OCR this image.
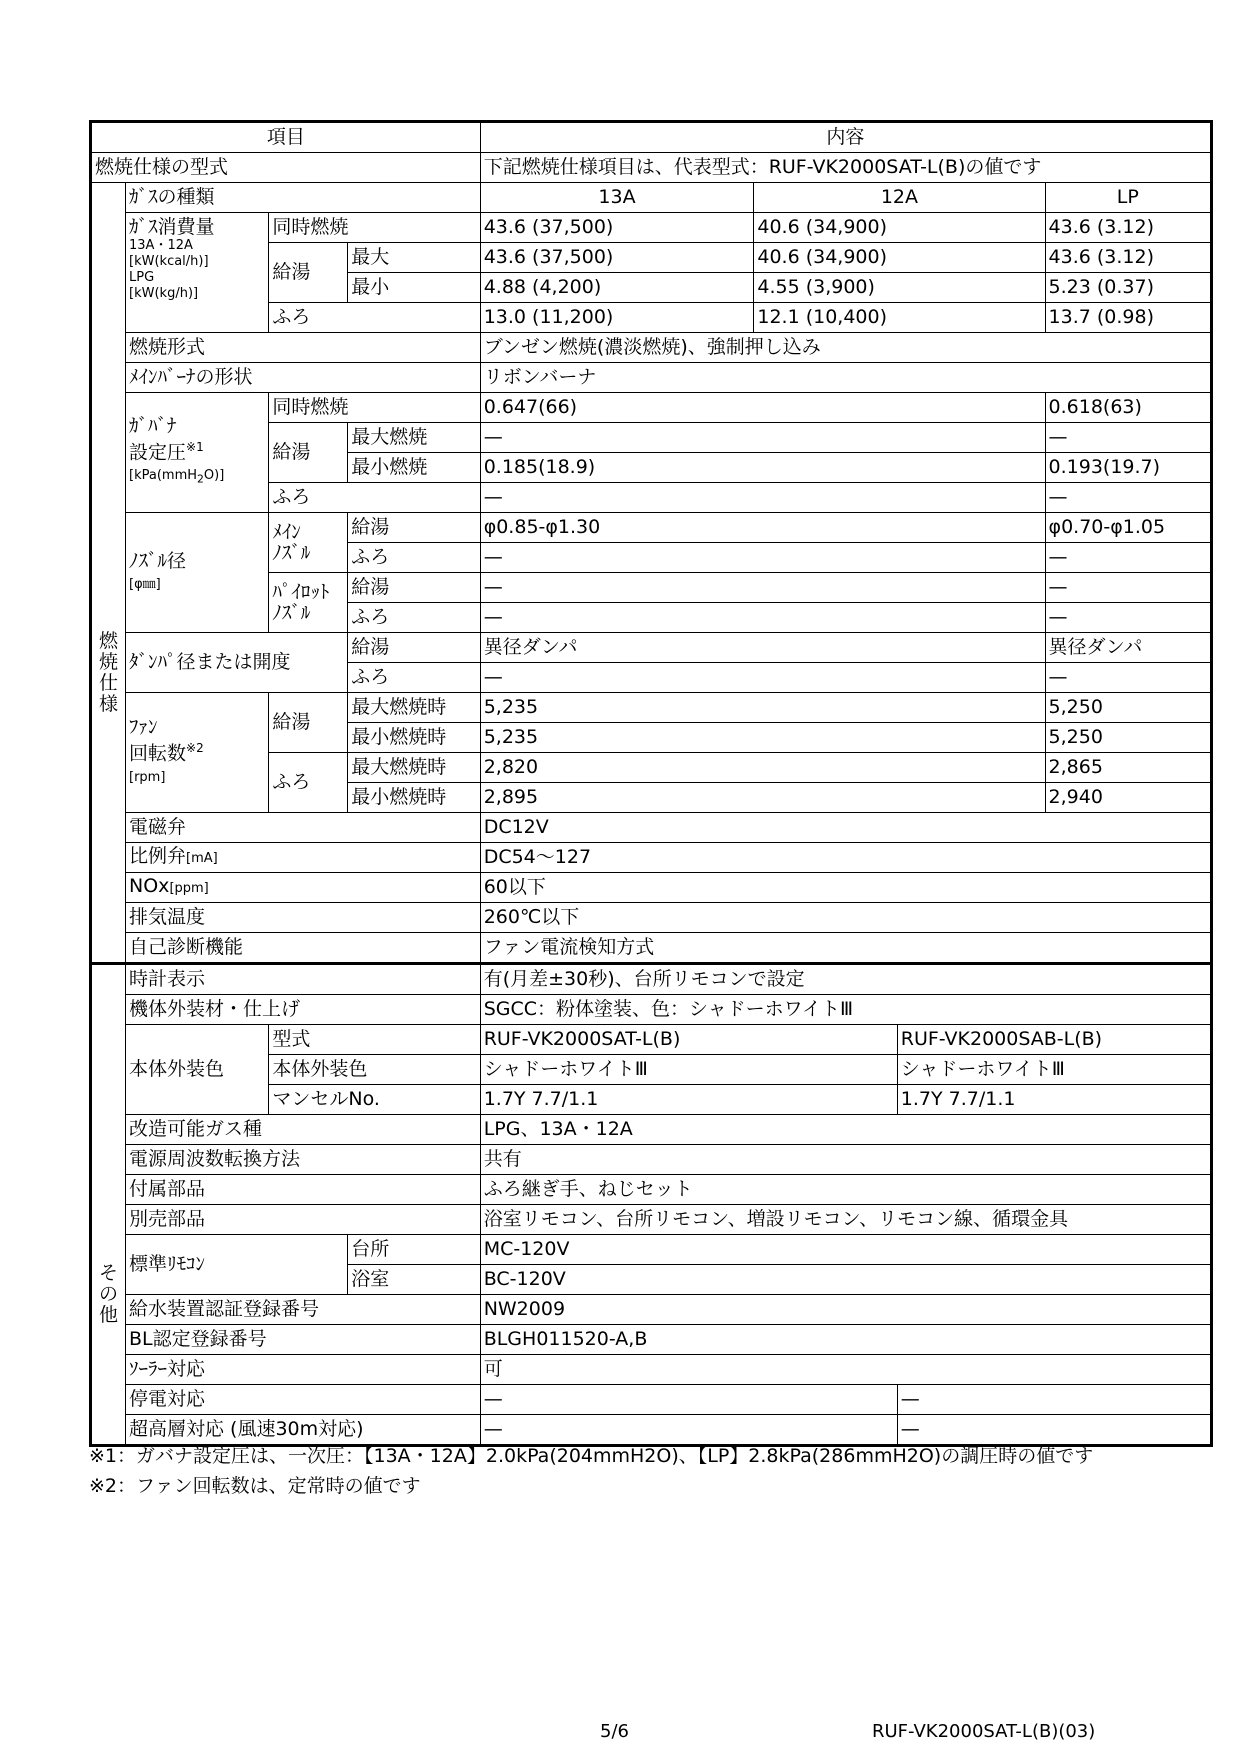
項目				内容			
燃焼仕様の型式				下記燃焼仕様項目は、代表型式：RUF-VK2000SAT-L(B)の値です			

燃
焼
仕
様	ｶﾞｽの種類			13A	12A		LP
	ｶﾞｽ消費量
13A・12A
[kW(kcal/h)]
LPG
[kW(kg/h)]	同時燃焼		43.6 (37,500)	40.6 (34,900)		43.6 (3.12)
		給湯	最大	43.6 (37,500)	40.6 (34,900)		43.6 (3.12)
			最小	4.88 (4,200)	4.55 (3,900)		5.23 (0.37)
		ふろ		13.0 (11,200)	12.1 (10,400)		13.7 (0.98)
	燃焼形式			ブンゼン燃焼(濃淡燃焼)、強制押し込み			
	ﾒｲﾝﾊﾞｰﾅの形状			リボンバーナ			
	ｶﾞﾊﾞﾅ
設定圧$^{※1}$
[kPa(mmH$_2$O)]	同時燃焼		0.647(66)			0.618(63)
		給湯	最大燃焼	—			—
			最小燃焼	0.185(18.9)			0.193(19.7)
		ふろ		—			—
	ﾉｽﾞﾙ径
[φ㎜]	ﾒｲﾝ
ﾉｽﾞﾙ	給湯	φ0.85-φ1.30			φ0.70-φ1.05
			ふろ	—			—
		ﾊﾟｲﾛｯﾄ
ﾉｽﾞﾙ	給湯	—			—
			ふろ	—			—
	ﾀﾞﾝﾊﾟ径または開度		給湯	異径ダンパ			異径ダンパ
			ふろ	—			—
	ﾌｧﾝ
回転数$^{※2}$
[rpm]	給湯	最大燃焼時	5,235			5,250
			最小燃焼時	5,235			5,250
		ふろ	最大燃焼時	2,820			2,865
			最小燃焼時	2,895			2,940
	電磁弁			DC12V			
	比例弁[mA]			DC54～127			
	NOx[ppm]			60以下			
	排気温度			260℃以下			
	自己診断機能			ファン電流検知方式			

そ
の
他	時計表示			有(月差±30秒)、台所リモコンで設定			
	機体外装材・仕上げ			SGCC：粉体塗装、色：シャドーホワイトⅢ			
	本体外装色	型式		RUF-VK2000SAT-L(B)		RUF-VK2000SAB-L(B)	
		本体外装色		シャドーホワイトⅢ		シャドーホワイトⅢ	
		マンセルNo.		1.7Y 7.7/1.1		1.7Y 7.7/1.1	
	改造可能ガス種			LPG、13A・12A			
	電源周波数転換方法			共有			
	付属部品			ふろ継ぎ手、ねじセット			
	別売部品			浴室リモコン、台所リモコン、増設リモコン、リモコン線、循環金具			
	標準ﾘﾓｺﾝ		台所	MC-120V			
			浴室	BC-120V			
	給水装置認証登録番号			NW2009			
	BL認定登録番号			BLGH011520-A,B			
	ｿｰﾗｰ対応			可			
	停電対応			—		—	
	超高層対応 (風速30m対応)			—		—	
※1：ガバナ設定圧は、一次圧：【13A・12A】2.0kPa(204mmH2O)、【LP】2.8kPa(286mmH2O)の調圧時の値です
※2：ファン回転数は、定常時の値です
5/6	RUF-VK2000SAT-L(B)(03)
